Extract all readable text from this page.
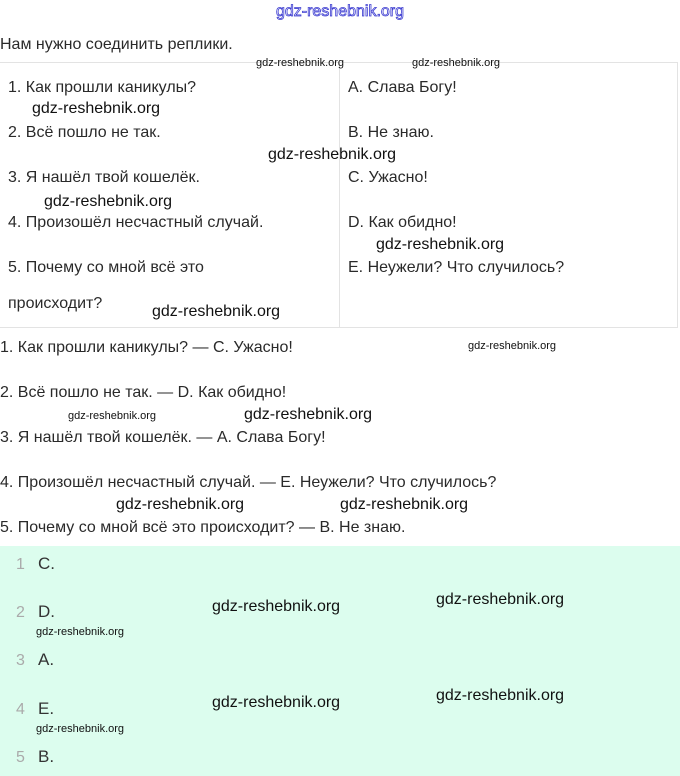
gdz-reshebnik.org
Нам нужно соединить реплики.
1. Как прошли каникулы?
2. Всё пошло не так.
3. Я нашёл твой кошелёк.
4. Произошёл несчастный случай.
5. Почему со мной всё это
происходит?
A. Слава Богу!
B. Не знаю.
C. Ужасно!
D. Как обидно!
E. Неужели? Что случилось?
1. Как прошли каникулы? — C. Ужасно!
2. Всё пошло не так. — D. Как обидно!
3. Я нашёл твой кошелёк. — A. Слава Богу!
4. Произошёл несчастный случай. — E. Неужели? Что случилось?
5. Почему со мной всё это происходит? — B. Не знаю.
1 C.
2 D.
3 A.
4 E.
5 B.
gdz-reshebnik.org	gdz-reshebnik.org
gdz-reshebnik.org
gdz-reshebnik.org
gdz-reshebnik.org
gdz-reshebnik.org
gdz-reshebnik.org
gdz-reshebnik.org
gdz-reshebnik.org
gdz-reshebnik.org
gdz-reshebnik.org
gdz-reshebnik.org
gdz-reshebnik.org
gdz-reshebnik.org
gdz-reshebnik.org
gdz-reshebnik.org
gdz-reshebnik.org
gdz-reshebnik.org
